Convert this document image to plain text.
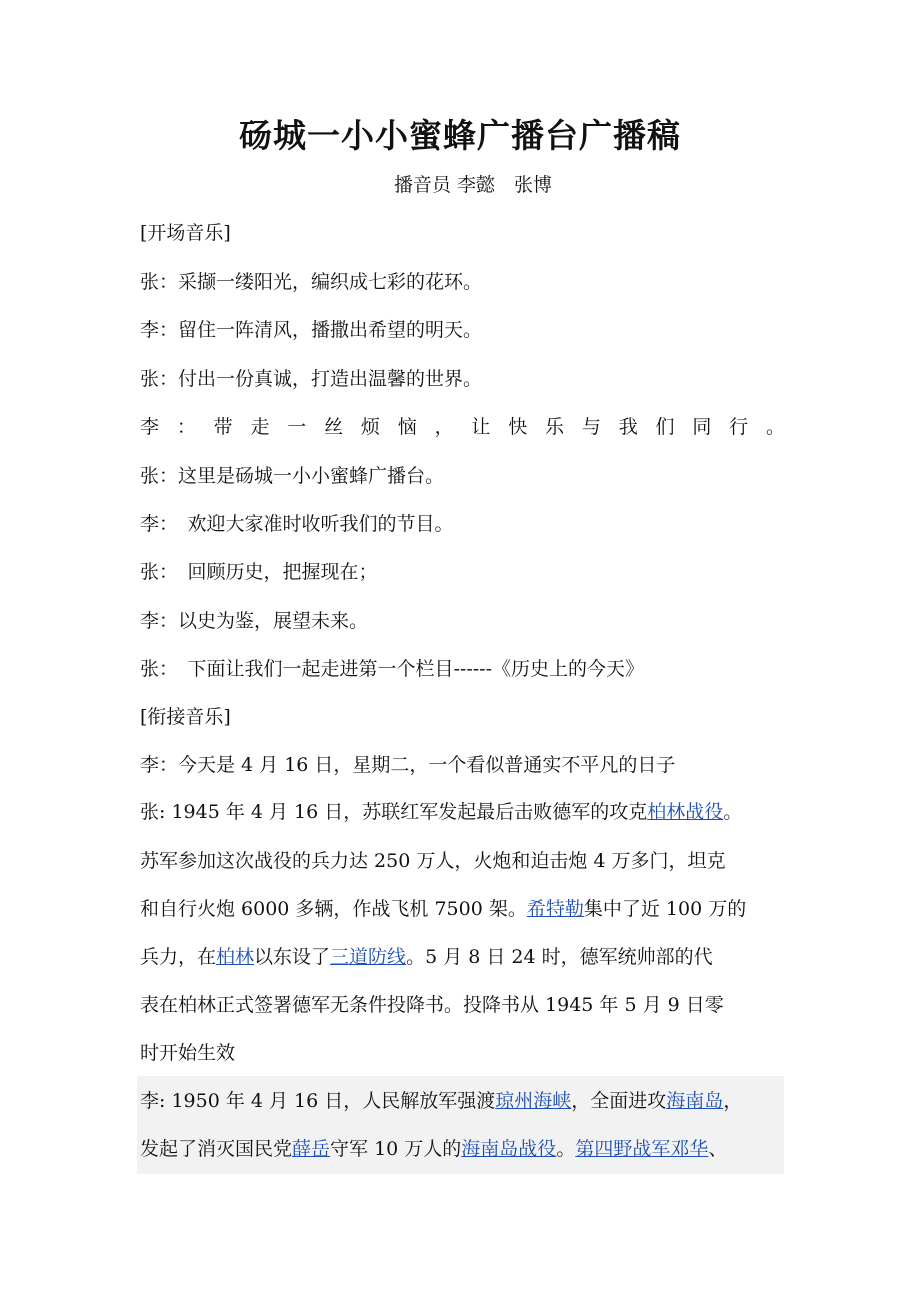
砀城一小小蜜蜂广播台广播稿
播音员 李懿　张博
[开场音乐]
张：采撷一缕阳光，编织成七彩的花环。
李：留住一阵清风，播撒出希望的明天。
张：付出一份真诚，打造出温馨的世界。
李：带走一丝烦恼，让快乐与我们同行。
张：这里是砀城一小小蜜蜂广播台。
李：　欢迎大家准时收听我们的节目。
张：　回顾历史，把握现在；
李：以史为鉴，展望未来。
张：　下面让我们一起走进第一个栏目------《历史上的今天》
[衔接音乐]
李：今天是 4 月 16 日，星期二，一个看似普通实不平凡的日子
张: 1945 年 4 月 16 日，苏联红军发起最后击败德军的攻克柏林战役。
苏军参加这次战役的兵力达 250 万人，火炮和迫击炮 4 万多门，坦克
和自行火炮 6000 多辆，作战飞机 7500 架。希特勒集中了近 100 万的
兵力，在柏林以东设了三道防线。5 月 8 日 24 时，德军统帅部的代
表在柏林正式签署德军无条件投降书。投降书从 1945 年 5 月 9 日零
时开始生效
李: 1950 年 4 月 16 日，人民解放军强渡琼州海峡，全面进攻海南岛，
发起了消灭国民党薛岳守军 10 万人的海南岛战役。第四野战军邓华、
